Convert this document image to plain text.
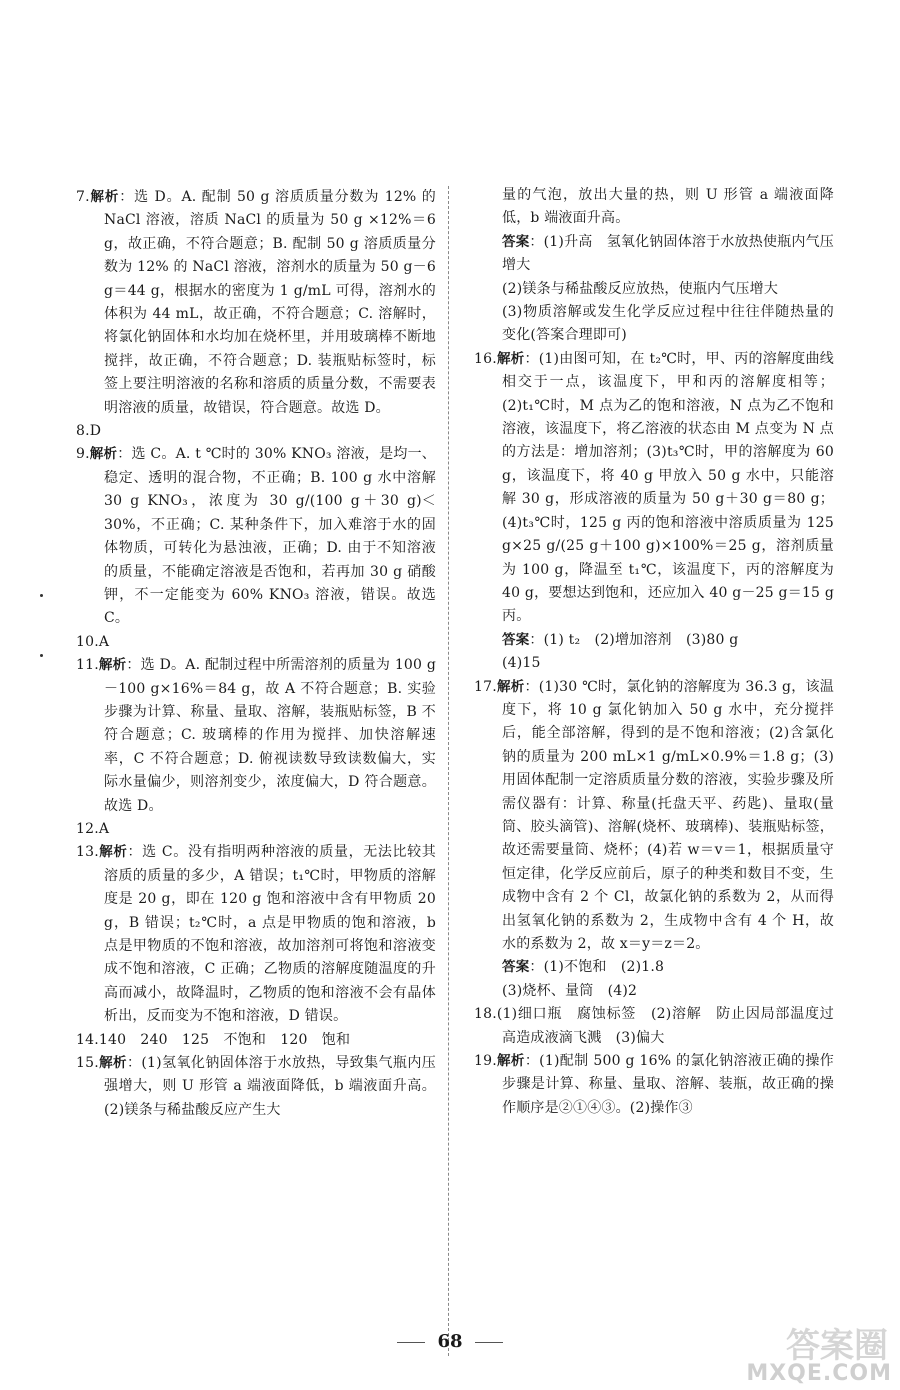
7.解析：选 D。A. 配制 50 g 溶质质量分数为 12% 的 NaCl 溶液，溶质 NaCl 的质量为 50 g ×12%＝6 g，故正确，不符合题意；B. 配制 50 g 溶质质量分数为 12% 的 NaCl 溶液，溶剂水的质量为 50 g－6 g＝44 g，根据水的密度为 1 g/mL 可得，溶剂水的体积为 44 mL，故正确，不符合题意；C. 溶解时，将氯化钠固体和水均加在烧杯里，并用玻璃棒不断地搅拌，故正确，不符合题意；D. 装瓶贴标签时，标签上要注明溶液的名称和溶质的质量分数，不需要表明溶液的质量，故错误，符合题意。故选 D。

8.D

9.解析：选 C。A. t ℃时的 30% KNO₃ 溶液，是均一、稳定、透明的混合物，不正确；B. 100 g 水中溶解 30 g KNO₃，浓度为 30 g/(100 g＋30 g)＜30%，不正确；C. 某种条件下，加入难溶于水的固体物质，可转化为悬浊液，正确；D. 由于不知溶液的质量，不能确定溶液是否饱和，若再加 30 g 硝酸钾，不一定能变为 60% KNO₃ 溶液，错误。故选 C。

10.A

11.解析：选 D。A. 配制过程中所需溶剂的质量为 100 g－100 g×16%＝84 g，故 A 不符合题意；B. 实验步骤为计算、称量、量取、溶解，装瓶贴标签，B 不符合题意；C. 玻璃棒的作用为搅拌、加快溶解速率，C 不符合题意；D. 俯视读数导致读数偏大，实际水量偏少，则溶剂变少，浓度偏大，D 符合题意。故选 D。

12.A

13.解析：选 C。没有指明两种溶液的质量，无法比较其溶质的质量的多少，A 错误；t₁℃时，甲物质的溶解度是 20 g，即在 120 g 饱和溶液中含有甲物质 20 g，B 错误；t₂℃时，a 点是甲物质的饱和溶液，b 点是甲物质的不饱和溶液，故加溶剂可将饱和溶液变成不饱和溶液，C 正确；乙物质的溶解度随温度的升高而减小，故降温时，乙物质的饱和溶液不会有晶体析出，反而变为不饱和溶液，D 错误。

14.140　240　125　不饱和　120　饱和

15.解析：(1)氢氧化钠固体溶于水放热，导致集气瓶内压强增大，则 U 形管 a 端液面降低，b 端液面升高。(2)镁条与稀盐酸反应产生大

量的气泡，放出大量的热，则 U 形管 a 端液面降低，b 端液面升高。

答案：(1)升高　氢氧化钠固体溶于水放热使瓶内气压增大

(2)镁条与稀盐酸反应放热，使瓶内气压增大

(3)物质溶解或发生化学反应过程中往往伴随热量的变化(答案合理即可)

16.解析：(1)由图可知，在 t₂℃时，甲、丙的溶解度曲线相交于一点，该温度下，甲和丙的溶解度相等；(2)t₁℃时，M 点为乙的饱和溶液，N 点为乙不饱和溶液，该温度下，将乙溶液的状态由 M 点变为 N 点的方法是：增加溶剂；(3)t₃℃时，甲的溶解度为 60 g，该温度下，将 40 g 甲放入 50 g 水中，只能溶解 30 g，形成溶液的质量为 50 g＋30 g＝80 g；(4)t₃℃时，125 g 丙的饱和溶液中溶质质量为 125 g×25 g/(25 g＋100 g)×100%＝25 g，溶剂质量为 100 g，降温至 t₁℃，该温度下，丙的溶解度为 40 g，要想达到饱和，还应加入 40 g－25 g＝15 g 丙。

答案：(1) t₂　(2)增加溶剂　(3)80 g

(4)15

17.解析：(1)30 ℃时，氯化钠的溶解度为 36.3 g，该温度下，将 10 g 氯化钠加入 50 g 水中，充分搅拌后，能全部溶解，得到的是不饱和溶液；(2)含氯化钠的质量为 200 mL×1 g/mL×0.9%＝1.8 g；(3)用固体配制一定溶质质量分数的溶液，实验步骤及所需仪器有：计算、称量(托盘天平、药匙)、量取(量筒、胶头滴管)、溶解(烧杯、玻璃棒)、装瓶贴标签，故还需要量筒、烧杯；(4)若 w＝v＝1，根据质量守恒定律，化学反应前后，原子的种类和数目不变，生成物中含有 2 个 Cl，故氯化钠的系数为 2，从而得出氢氧化钠的系数为 2，生成物中含有 4 个 H，故水的系数为 2，故 x＝y＝z＝2。

答案：(1)不饱和　(2)1.8

(3)烧杯、量筒　(4)2

18.(1)细口瓶　腐蚀标签　(2)溶解　防止因局部温度过高造成液滴飞溅　(3)偏大

19.解析：(1)配制 500 g 16% 的氯化钠溶液正确的操作步骤是计算、称量、量取、溶解、装瓶，故正确的操作顺序是②①④③。(2)操作③

68	答案圈
MXQE.COM
